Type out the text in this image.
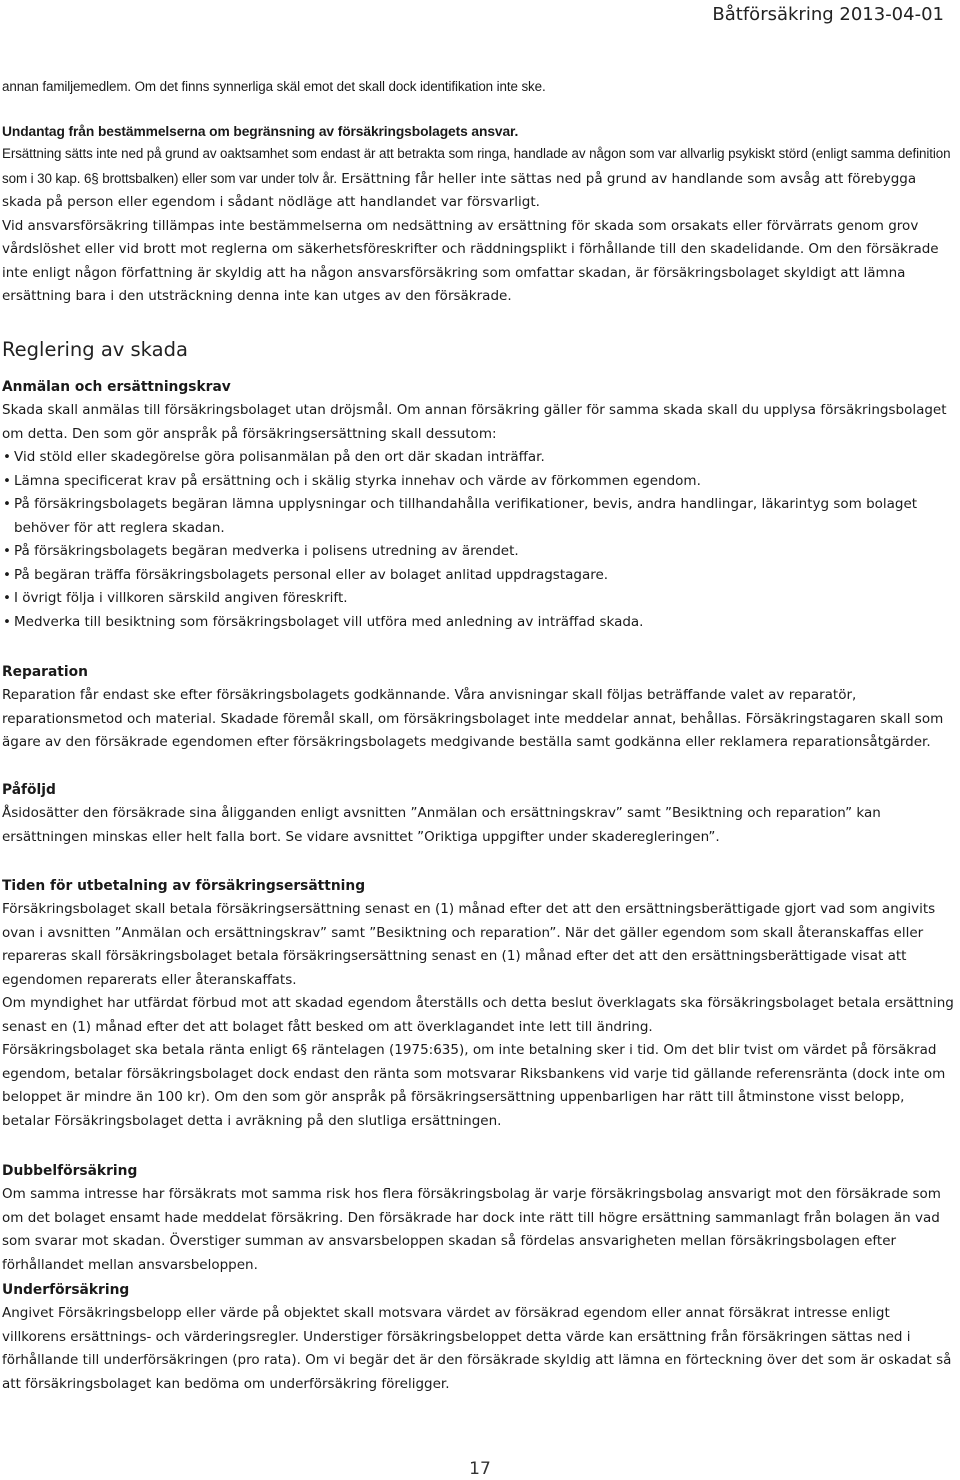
Båtförsäkring 2013-04-01

annan familjemedlem. Om det finns synnerliga skäl emot det skall dock identifikation inte ske.

Undantag från bestämmelserna om begränsning av försäkringsbolagets ansvar.

Ersättning sätts inte ned på grund av oaktsamhet som endast är att betrakta som ringa, handlade av någon som var allvarlig psykiskt störd (enligt samma definition som i 30 kap. 6§ brottsbalken) eller som var under tolv år. Ersättning får heller inte sättas ned på grund av handlande som avsåg att förebygga skada på person eller egendom i sådant nödläge att handlandet var försvarligt.

Vid ansvarsförsäkring tillämpas inte bestämmelserna om nedsättning av ersättning för skada som orsakats eller förvärrats genom grov vårdslöshet eller vid brott mot reglerna om säkerhetsföreskrifter och räddningsplikt i förhållande till den skadelidande. Om den försäkrade inte enligt någon författning är skyldig att ha någon ansvarsförsäkring som omfattar skadan, är försäkringsbolaget skyldigt att lämna ersättning bara i den utsträckning denna inte kan utges av den försäkrade.

Reglering av skada

Anmälan och ersättningskrav

Skada skall anmälas till försäkringsbolaget utan dröjsmål. Om annan försäkring gäller för samma skada skall du upplysa försäkringsbolaget om detta. Den som gör anspråk på försäkringsersättning skall dessutom:

• Vid stöld eller skadegörelse göra polisanmälan på den ort där skadan inträffar.
• Lämna specificerat krav på ersättning och i skälig styrka innehav och värde av förkommen egendom.
• På försäkringsbolagets begäran lämna upplysningar och tillhandahålla verifikationer, bevis, andra handlingar, läkarintyg som bolaget behöver för att reglera skadan.
• På försäkringsbolagets begäran medverka i polisens utredning av ärendet.
• På begäran träffa försäkringsbolagets personal eller av bolaget anlitad uppdragstagare.
• I övrigt följa i villkoren särskild angiven föreskrift.
• Medverka till besiktning som försäkringsbolaget vill utföra med anledning av inträffad skada.

Reparation

Reparation får endast ske efter försäkringsbolagets godkännande. Våra anvisningar skall följas beträffande valet av reparatör, reparationsmetod och material. Skadade föremål skall, om försäkringsbolaget inte meddelar annat, behållas. Försäkringstagaren skall som ägare av den försäkrade egendomen efter försäkringsbolagets medgivande beställa samt godkänna eller reklamera reparationsåtgärder.

Påföljd

Åsidosätter den försäkrade sina åligganden enligt avsnitten ”Anmälan och ersättningskrav” samt ”Besiktning och reparation” kan ersättningen minskas eller helt falla bort. Se vidare avsnittet ”Oriktiga uppgifter under skaderegleringen”.

Tiden för utbetalning av försäkringsersättning

Försäkringsbolaget skall betala försäkringsersättning senast en (1) månad efter det att den ersättningsberättigade gjort vad som angivits ovan i avsnitten ”Anmälan och ersättningskrav” samt ”Besiktning och reparation”. När det gäller egendom som skall återanskaffas eller repareras skall försäkringsbolaget betala försäkringsersättning senast en (1) månad efter det att den ersättningsberättigade visat att egendomen reparerats eller återanskaffats.

Om myndighet har utfärdat förbud mot att skadad egendom återställs och detta beslut överklagats ska försäkringsbolaget betala ersättning senast en (1) månad efter det att bolaget fått besked om att överklagandet inte lett till ändring.

Försäkringsbolaget ska betala ränta enligt 6§ räntelagen (1975:635), om inte betalning sker i tid. Om det blir tvist om värdet på försäkrad egendom, betalar försäkringsbolaget dock endast den ränta som motsvarar Riksbankens vid varje tid gällande referensränta (dock inte om beloppet är mindre än 100 kr). Om den som gör anspråk på försäkringsersättning uppenbarligen har rätt till åtminstone visst belopp, betalar Försäkringsbolaget detta i avräkning på den slutliga ersättningen.

Dubbelförsäkring

Om samma intresse har försäkrats mot samma risk hos flera försäkringsbolag är varje försäkringsbolag ansvarigt mot den försäkrade som om det bolaget ensamt hade meddelat försäkring. Den försäkrade har dock inte rätt till högre ersättning sammanlagt från bolagen än vad som svarar mot skadan. Överstiger summan av ansvarsbeloppen skadan så fördelas ansvarigheten mellan försäkringsbolagen efter förhållandet mellan ansvarsbeloppen.

Underförsäkring

Angivet Försäkringsbelopp eller värde på objektet skall motsvara värdet av försäkrad egendom eller annat försäkrat intresse enligt villkorens ersättnings- och värderingsregler. Understiger försäkringsbeloppet detta värde kan ersättning från försäkringen sättas ned i förhållande till underförsäkringen (pro rata). Om vi begär det är den försäkrade skyldig att lämna en förteckning över det som är oskadat så att försäkringsbolaget kan bedöma om underförsäkring föreligger.

17
